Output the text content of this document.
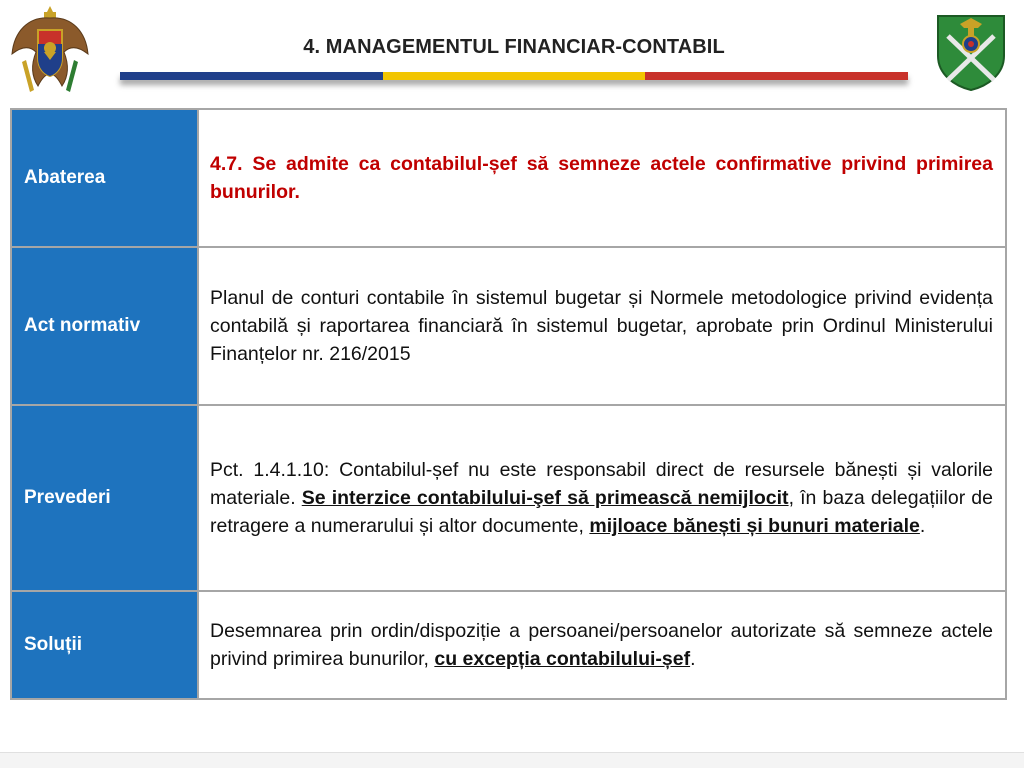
4. MANAGEMENTUL FINANCIAR-CONTABIL
Abaterea	4.7. Se admite ca contabilul-șef să semneze actele confirmative privind primirea bunurilor.
Act normativ	Planul de conturi contabile în sistemul bugetar și Normele metodologice privind evidența contabilă și raportarea financiară în sistemul bugetar, aprobate prin Ordinul Ministerului Finanțelor nr. 216/2015
Prevederi	Pct. 1.4.1.10: Contabilul-șef nu este responsabil direct de resursele bănești și valorile materiale. Se interzice contabilului-şef să primească nemijlocit, în baza delegațiilor de retragere a numerarului și altor documente, mijloace bănești și bunuri materiale.
Soluții	Desemnarea prin ordin/dispoziție a persoanei/persoanelor autorizate să semneze actele privind primirea bunurilor, cu excepția contabilului-șef.
